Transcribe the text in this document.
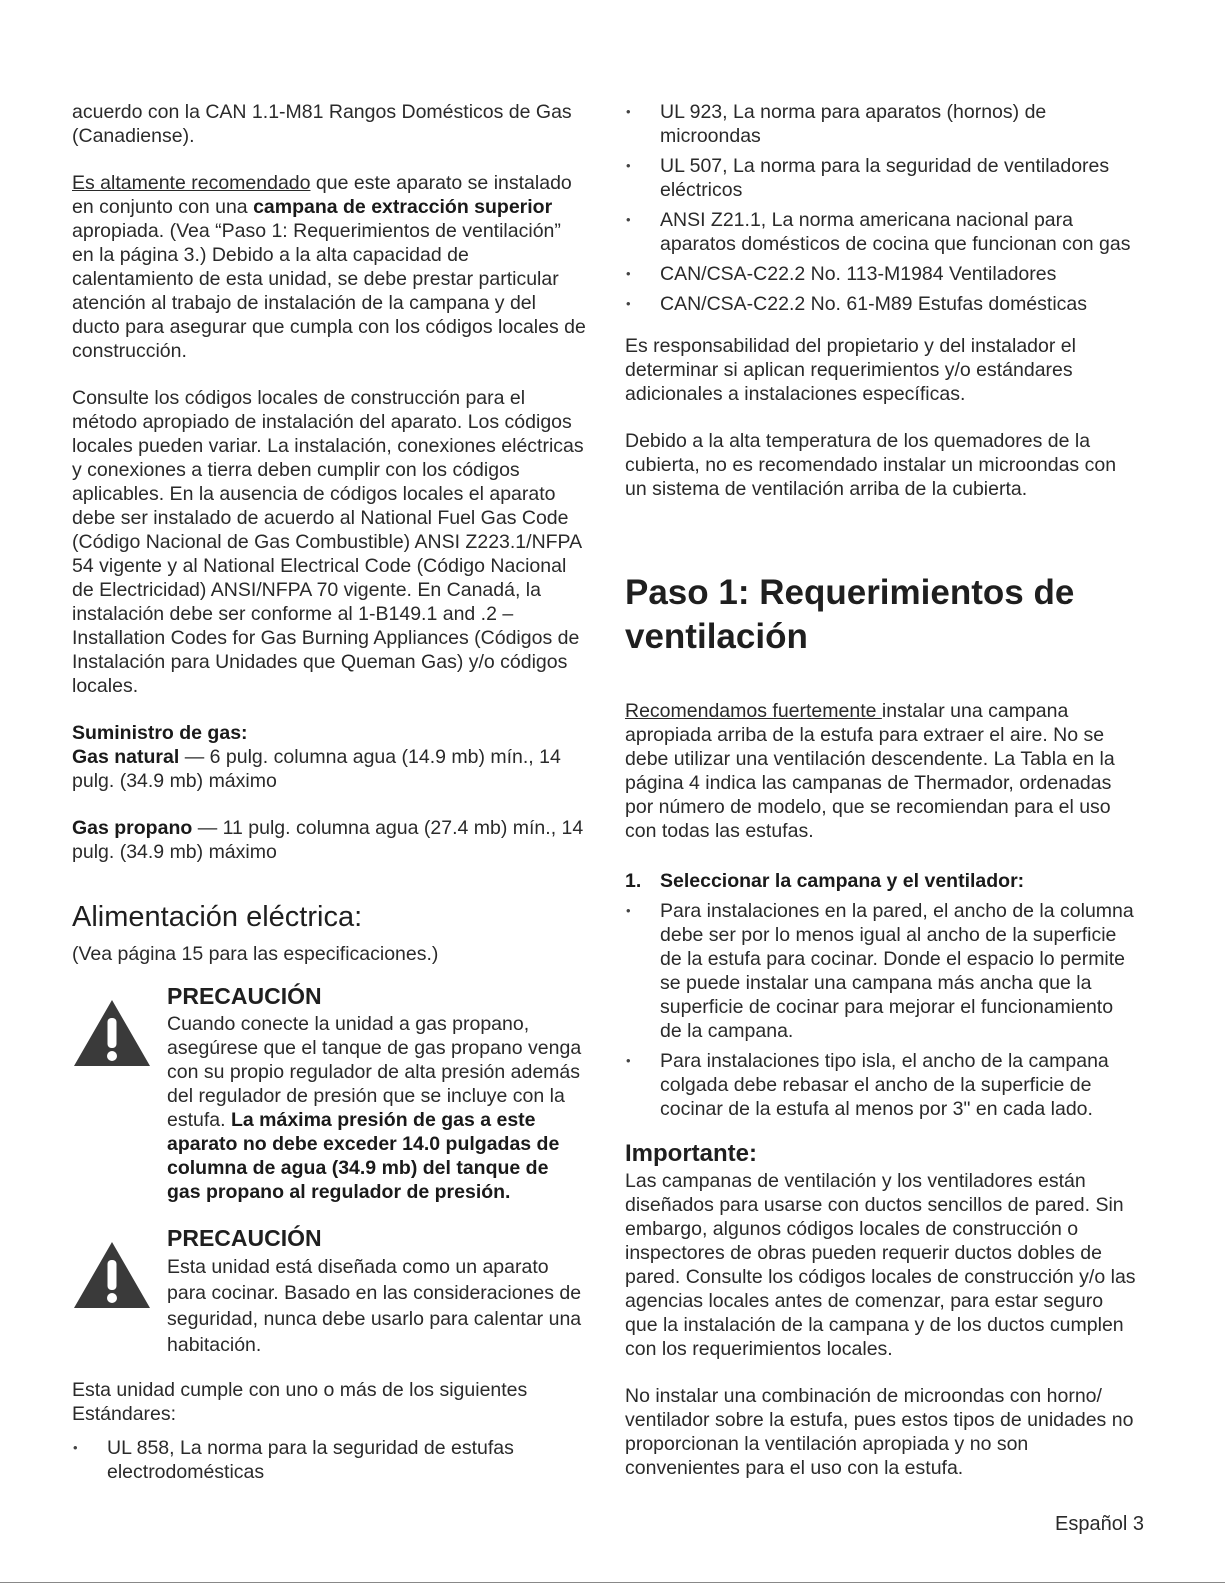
acuerdo con la CAN 1.1-M81 Rangos Domésticos de Gas (Canadiense).

Es altamente recomendado que este aparato se instalado en conjunto con una campana de extracción superior apropiada. (Vea “Paso 1: Requerimientos de ventilación” en la página 3.) Debido a la alta capacidad de calentamiento de esta unidad, se debe prestar particular atención al trabajo de instalación de la campana y del ducto para asegurar que cumpla con los códigos locales de construcción.

Consulte los códigos locales de construcción para el método apropiado de instalación del aparato. Los códigos locales pueden variar. La instalación, conexiones eléctricas y conexiones a tierra deben cumplir con los códigos aplicables. En la ausencia de códigos locales el aparato debe ser instalado de acuerdo al National Fuel Gas Code (Código Nacional de Gas Combustible) ANSI Z223.1/NFPA 54 vigente y al National Electrical Code (Código Nacional de Electricidad) ANSI/NFPA 70 vigente. En Canadá, la instalación debe ser conforme al 1-B149.1 and .2 – Installation Codes for Gas Burning Appliances (Códigos de Instalación para Unidades que Queman Gas) y/o códigos locales.

Suministro de gas:

Gas natural — 6 pulg. columna agua (14.9 mb) mín., 14 pulg. (34.9 mb) máximo

Gas propano — 11 pulg. columna agua (27.4 mb) mín., 14 pulg. (34.9 mb) máximo

Alimentación eléctrica:

(Vea página 15 para las especificaciones.)

PRECAUCIÓN
Cuando conecte la unidad a gas propano, asegúrese que el tanque de gas propano venga con su propio regulador de alta presión además del regulador de presión que se incluye con la estufa. La máxima presión de gas a este aparato no debe exceder 14.0 pulgadas de columna de agua (34.9 mb) del tanque de gas propano al regulador de presión.
PRECAUCIÓN
Esta unidad está diseñada como un aparato para cocinar. Basado en las consideraciones de seguridad, nunca debe usarlo para calentar una habitación.

Esta unidad cumple con uno o más de los siguientes Estándares:

• UL 858, La norma para la seguridad de estufas electrodomésticas
• UL 923, La norma para aparatos (hornos) de microondas
• UL 507, La norma para la seguridad de ventiladores eléctricos
• ANSI Z21.1, La norma americana nacional para aparatos domésticos de cocina que funcionan con gas
• CAN/CSA-C22.2 No. 113-M1984 Ventiladores
• CAN/CSA-C22.2 No. 61-M89 Estufas domésticas

Es responsabilidad del propietario y del instalador el determinar si aplican requerimientos y/o estándares adicionales a instalaciones específicas.

Debido a la alta temperatura de los quemadores de la cubierta, no es recomendado instalar un microondas con un sistema de ventilación arriba de la cubierta.

Paso 1: Requerimientos de ventilación

Recomendamos fuertemente instalar una campana apropiada arriba de la estufa para extraer el aire. No se debe utilizar una ventilación descendente. La Tabla en la página 4 indica las campanas de Thermador, ordenadas por número de modelo, que se recomiendan para el uso con todas las estufas.

1. Seleccionar la campana y el ventilador:
• Para instalaciones en la pared, el ancho de la columna debe ser por lo menos igual al ancho de la superficie de la estufa para cocinar. Donde el espacio lo permite se puede instalar una campana más ancha que la superficie de cocinar para mejorar el funcionamiento de la campana.
• Para instalaciones tipo isla, el ancho de la campana colgada debe rebasar el ancho de la superficie de cocinar de la estufa al menos por 3" en cada lado.
Importante:

Las campanas de ventilación y los ventiladores están diseñados para usarse con ductos sencillos de pared. Sin embargo, algunos códigos locales de construcción o inspectores de obras pueden requerir ductos dobles de pared. Consulte los códigos locales de construcción y/o las agencias locales antes de comenzar, para estar seguro que la instalación de la campana y de los ductos cumplen con los requerimientos locales.

No instalar una combinación de microondas con horno/ ventilador sobre la estufa, pues estos tipos de unidades no proporcionan la ventilación apropiada y no son convenientes para el uso con la estufa.

Español 3
